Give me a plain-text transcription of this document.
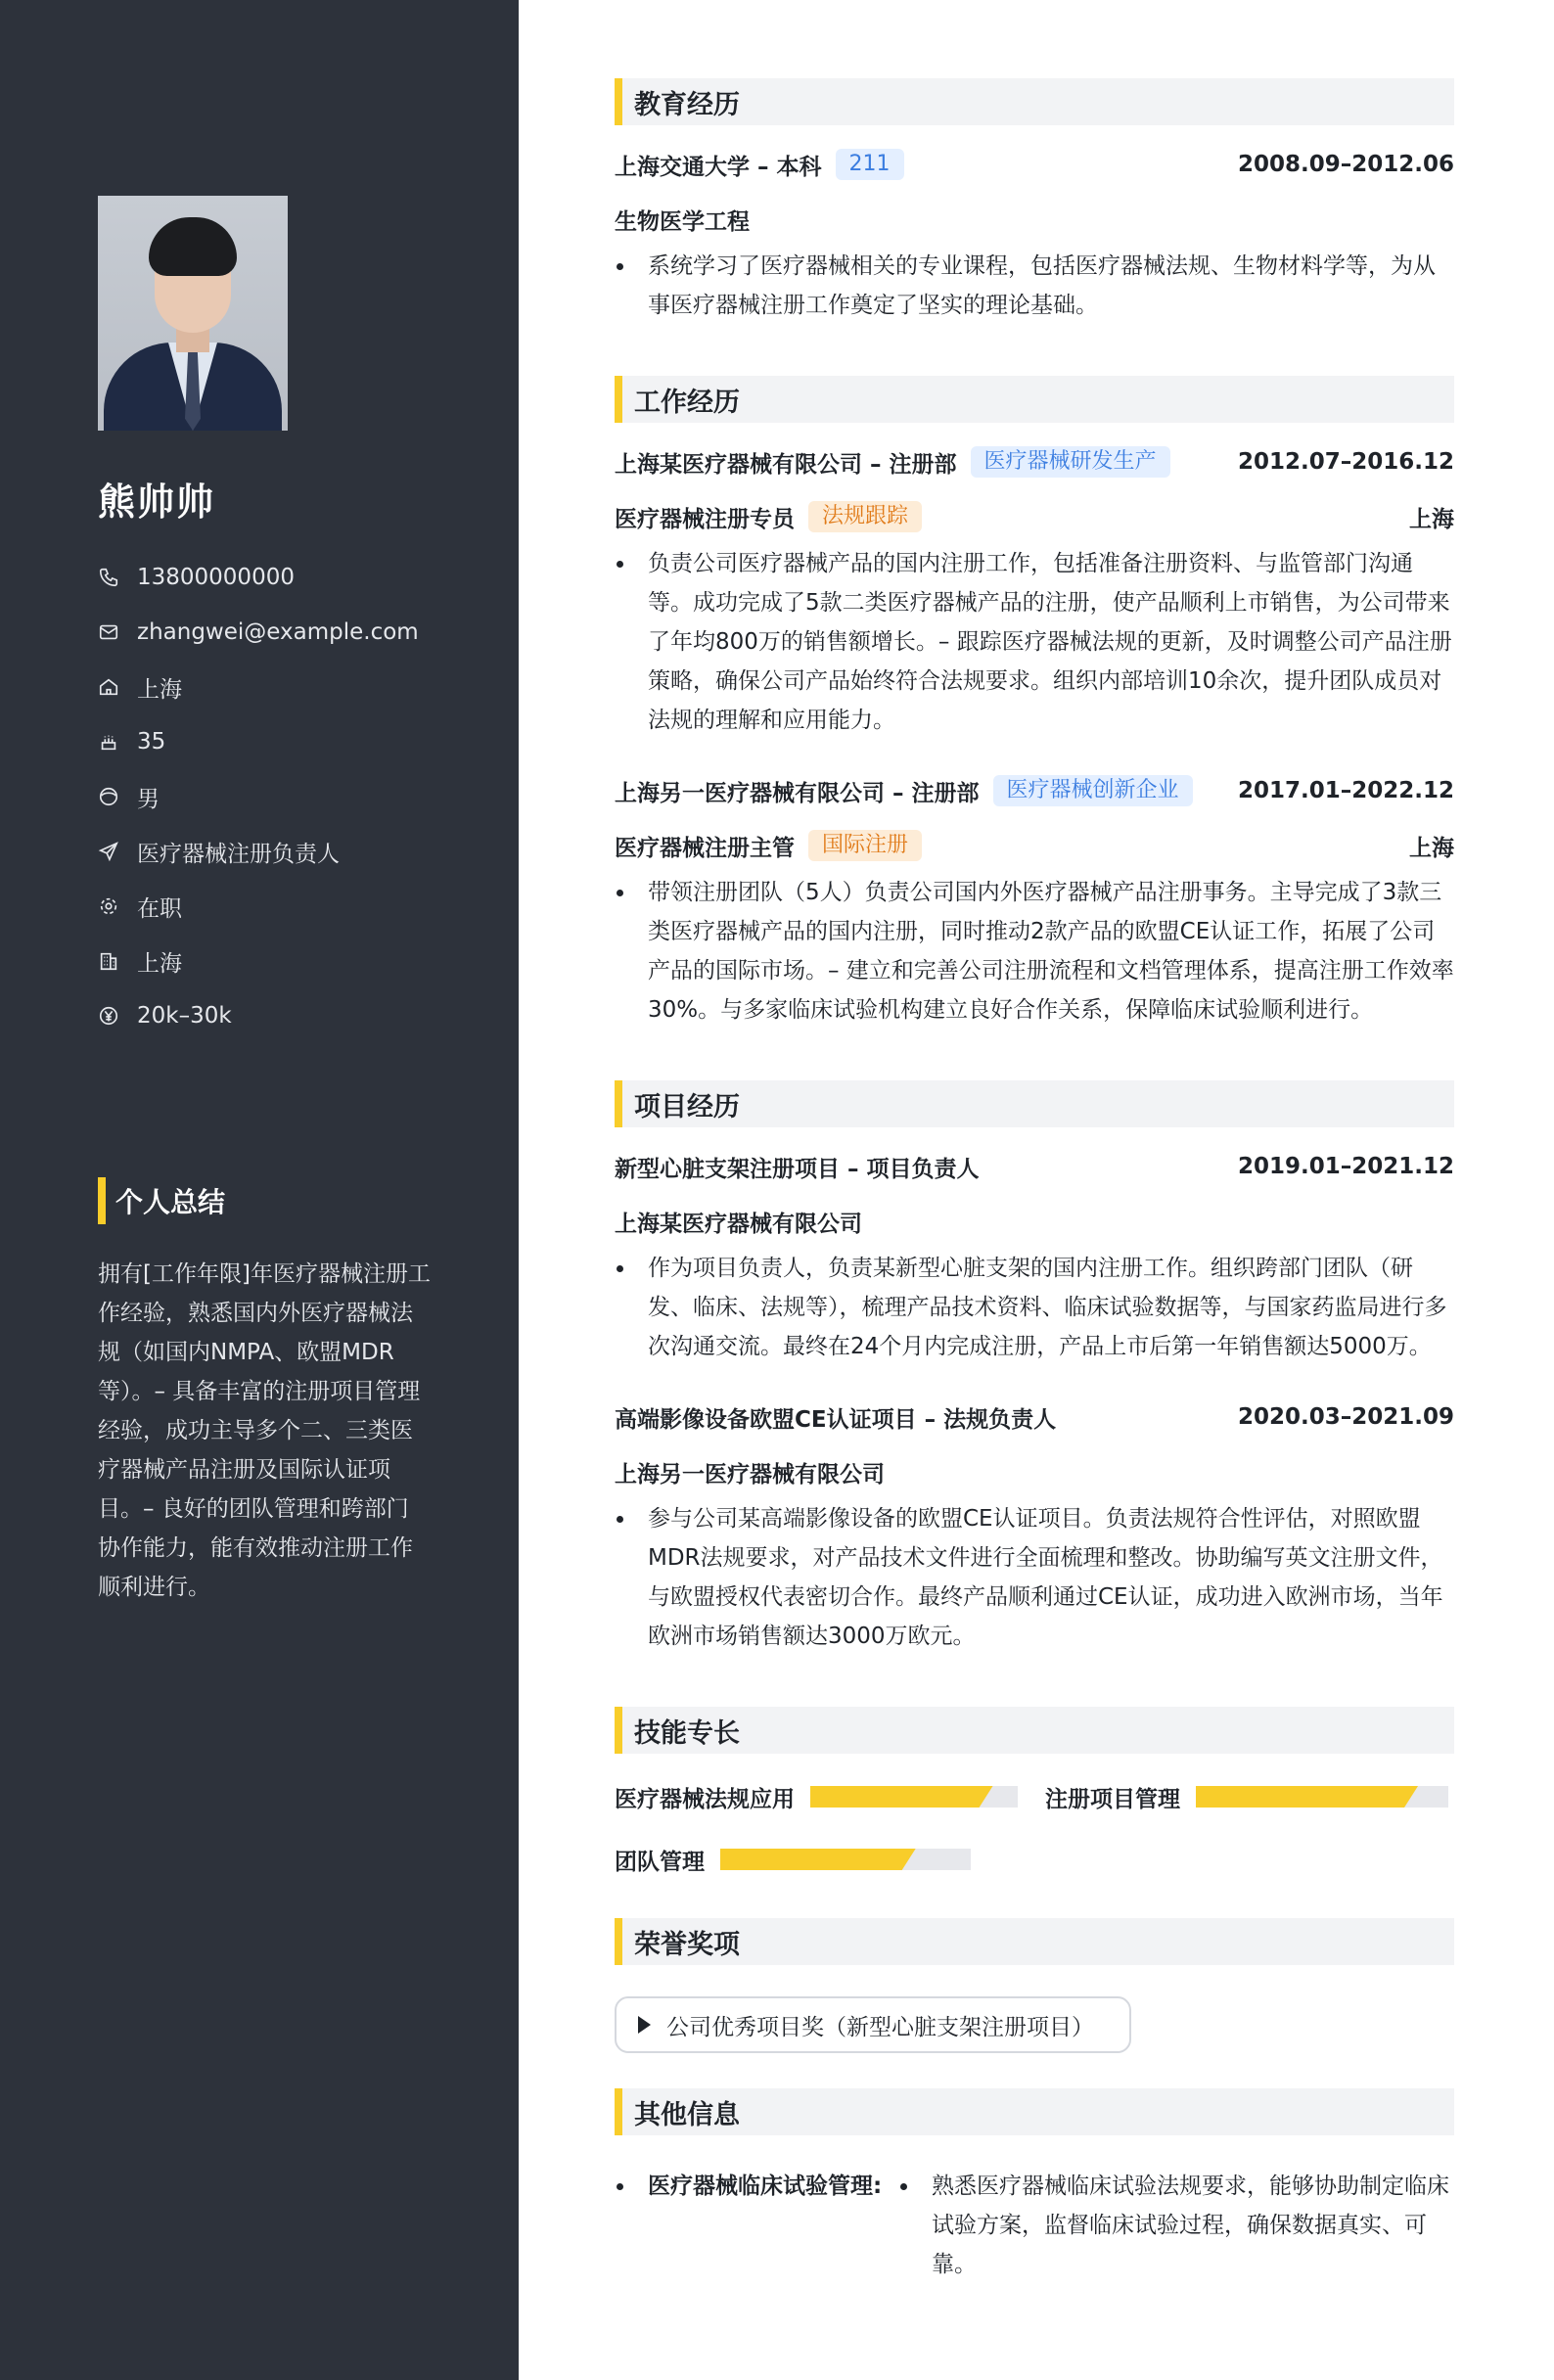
熊帅帅
13800000000
zhangwei@example.com
上海
35
男
医疗器械注册负责人
在职
上海
20k–30k
个人总结

拥有[工作年限]年医疗器械注册工作经验，熟悉国内外医疗器械法规（如国内NMPA、欧盟MDR等）。– 具备丰富的注册项目管理经验，成功主导多个二、三类医疗器械产品注册及国际认证项目。– 良好的团队管理和跨部门协作能力，能有效推动注册工作顺利进行。

教育经历
上海交通大学 – 本科	211	2008.09–2012.06
生物医学工程

系统学习了医疗器械相关的专业课程，包括医疗器械法规、生物材料学等，为从事医疗器械注册工作奠定了坚实的理论基础。

工作经历
上海某医疗器械有限公司 – 注册部	医疗器械研发生产	2012.07–2016.12
医疗器械注册专员	法规跟踪	上海

负责公司医疗器械产品的国内注册工作，包括准备注册资料、与监管部门沟通等。成功完成了5款二类医疗器械产品的注册，使产品顺利上市销售，为公司带来了年均800万的销售额增长。– 跟踪医疗器械法规的更新，及时调整公司产品注册策略，确保公司产品始终符合法规要求。组织内部培训10余次，提升团队成员对法规的理解和应用能力。

上海另一医疗器械有限公司 – 注册部	医疗器械创新企业	2017.01–2022.12
医疗器械注册主管	国际注册	上海

带领注册团队（5人）负责公司国内外医疗器械产品注册事务。主导完成了3款三类医疗器械产品的国内注册，同时推动2款产品的欧盟CE认证工作，拓展了公司产品的国际市场。– 建立和完善公司注册流程和文档管理体系，提高注册工作效率30%。与多家临床试验机构建立良好合作关系，保障临床试验顺利进行。

项目经历
新型心脏支架注册项目 – 项目负责人	2019.01–2021.12
上海某医疗器械有限公司

作为项目负责人，负责某新型心脏支架的国内注册工作。组织跨部门团队（研发、临床、法规等），梳理产品技术资料、临床试验数据等，与国家药监局进行多次沟通交流。最终在24个月内完成注册，产品上市后第一年销售额达5000万。

高端影像设备欧盟CE认证项目 – 法规负责人	2020.03–2021.09
上海另一医疗器械有限公司

参与公司某高端影像设备的欧盟CE认证项目。负责法规符合性评估，对照欧盟MDR法规要求，对产品技术文件进行全面梳理和整改。协助编写英文注册文件，与欧盟授权代表密切合作。最终产品顺利通过CE认证，成功进入欧洲市场，当年欧洲市场销售额达3000万欧元。

技能专长
医疗器械法规应用	注册项目管理
团队管理
荣誉奖项
公司优秀项目奖（新型心脏支架注册项目）
其他信息
医疗器械临床试验管理:	熟悉医疗器械临床试验法规要求，能够协助制定临床试验方案，监督临床试验过程，确保数据真实、可靠。
